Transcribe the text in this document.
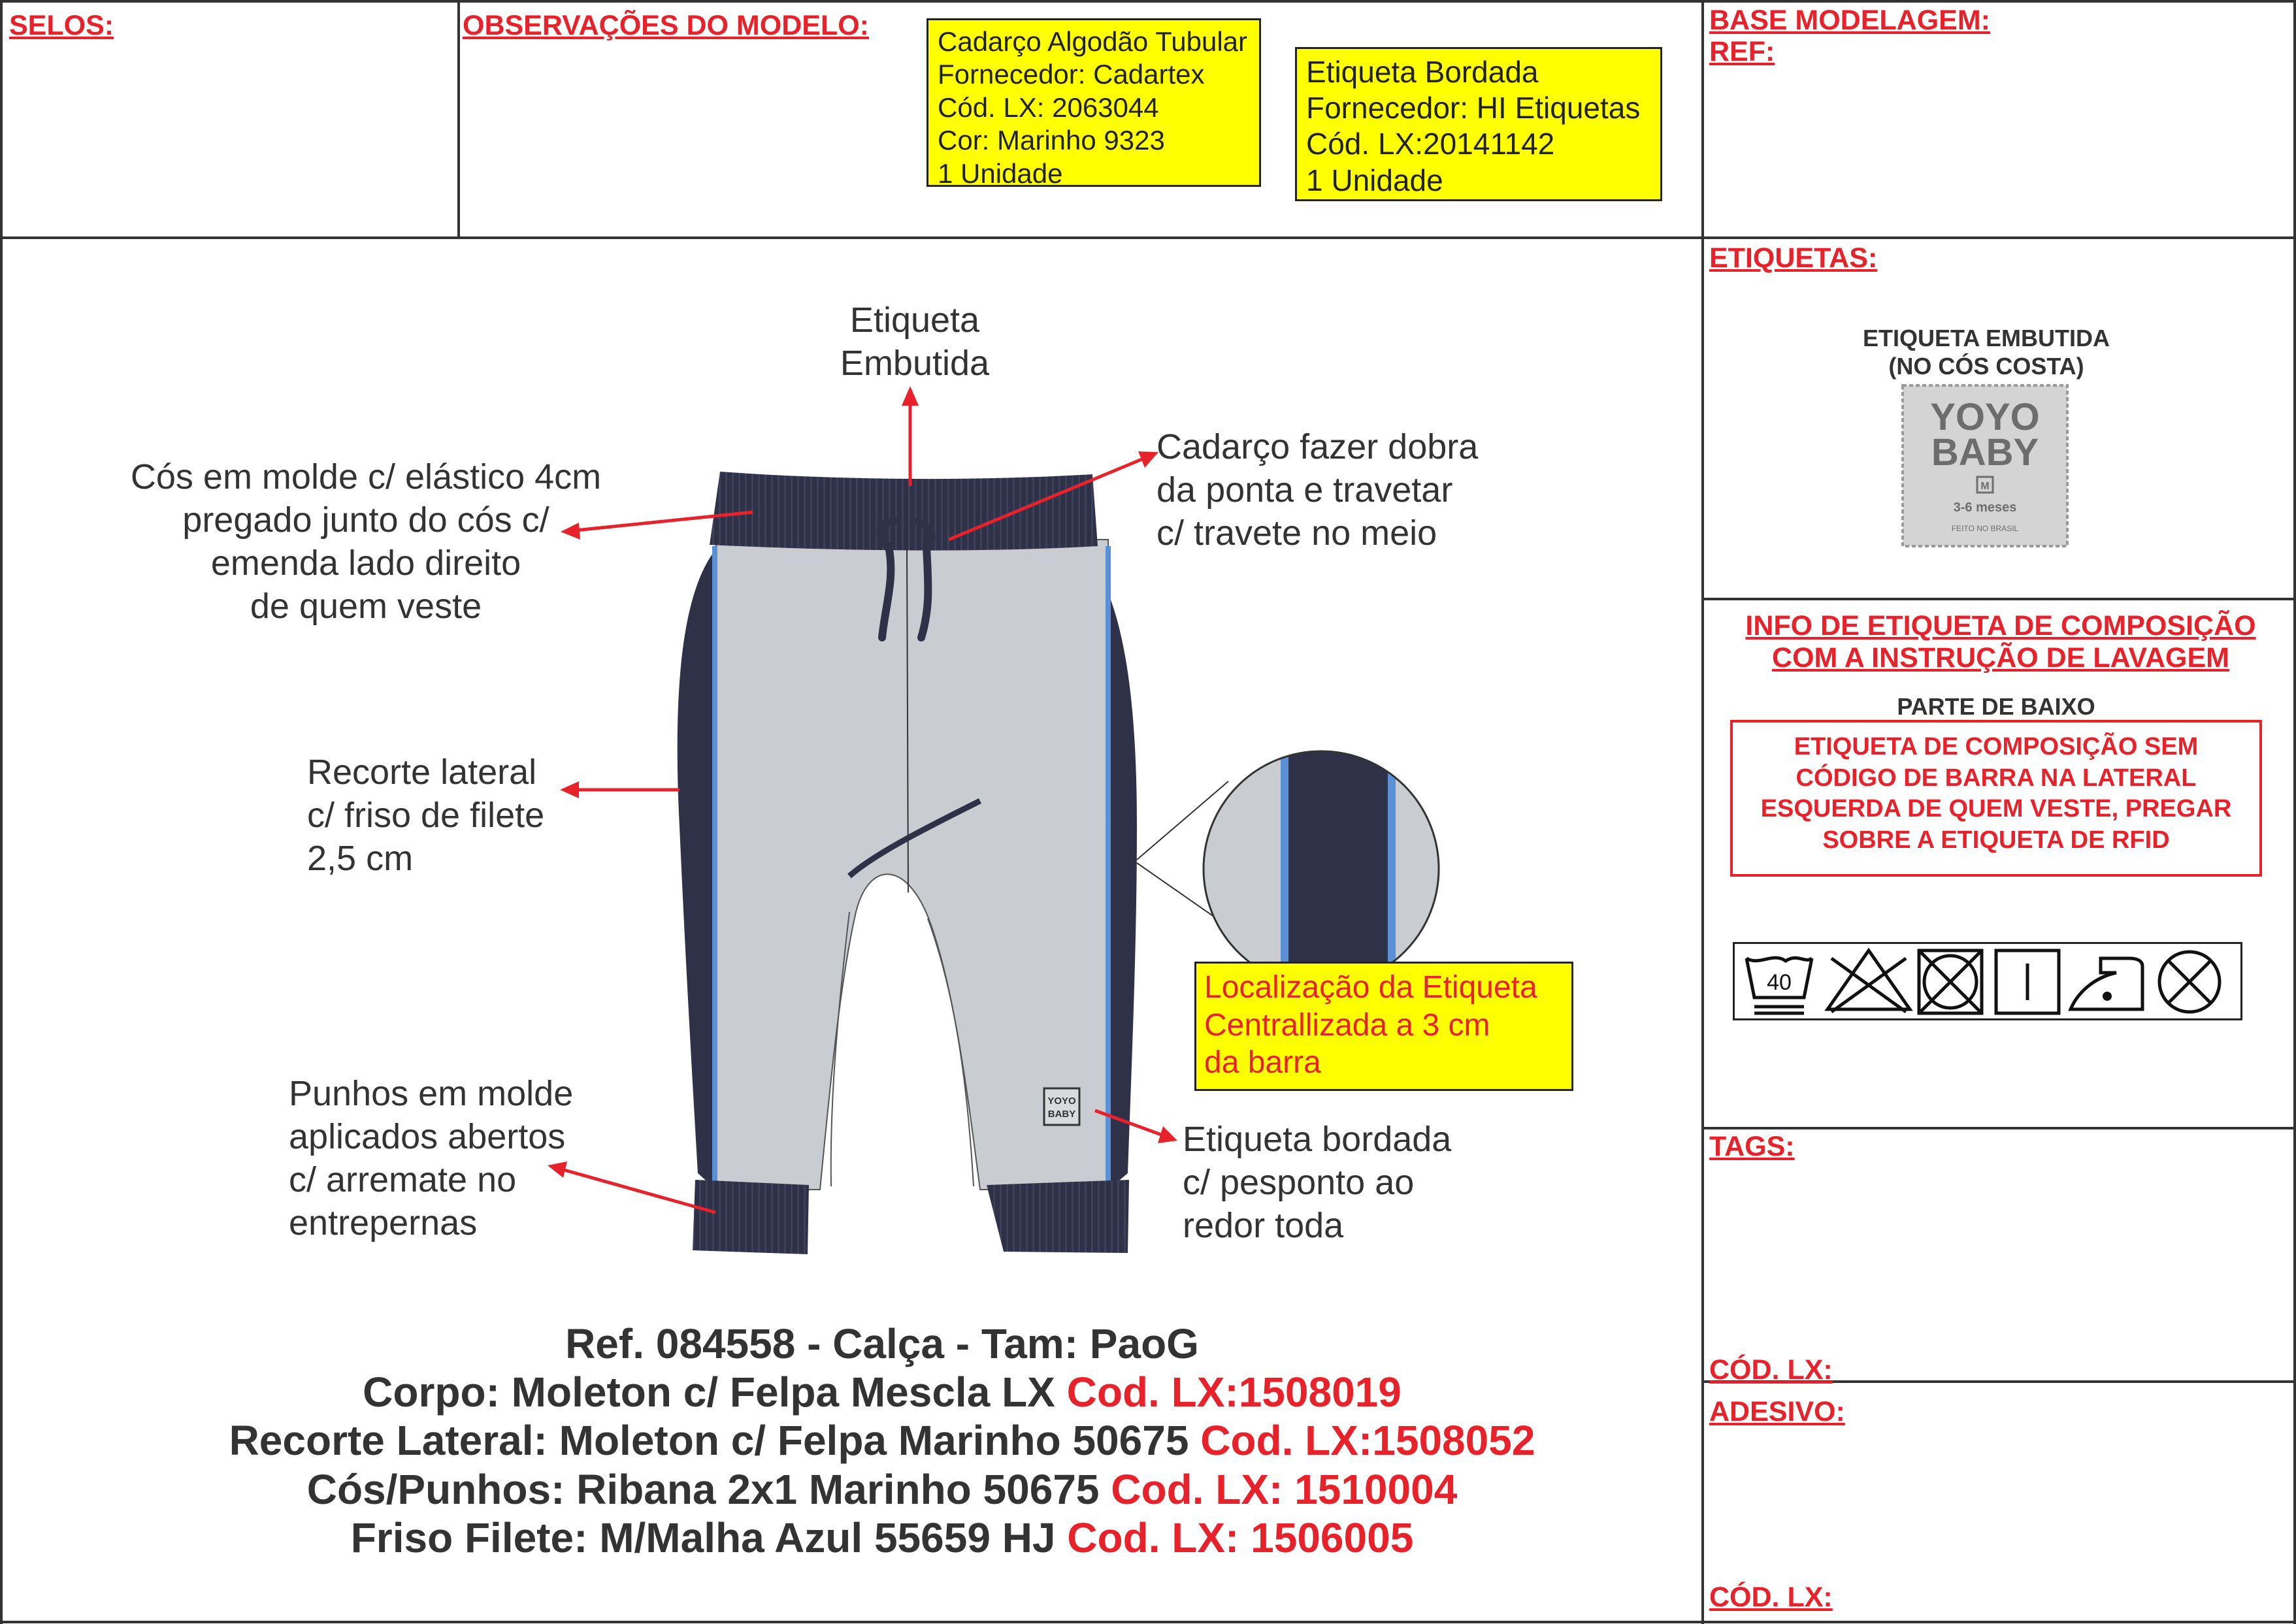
SELOS:	OBSERVAÇÕES DO MODELO:	BASE MODELAGEM:
REF:
Cadarço Algodão Tubular
Fornecedor: Cadartex
Cód. LX: 2063044
Cor: Marinho 9323
1 Unidade
Etiqueta Bordada
Fornecedor: HI Etiquetas
Cód. LX:20141142
1 Unidade
YOYO
BABY
Etiqueta
Embutida
Cós em molde c/ elástico 4cm
pregado junto do cós c/
emenda lado direito
de quem veste
Cadarço fazer dobra
da ponta e travetar
c/ travete no meio
Recorte lateral
c/ friso de filete
2,5 cm
Punhos em molde
aplicados abertos
c/ arremate no
entrepernas
Etiqueta bordada
c/ pesponto ao
redor toda
Localização da Etiqueta
Centrallizada a 3 cm
da barra
Ref. 084558 - Calça - Tam: PaoG
Corpo: Moleton c/ Felpa Mescla LX Cod. LX:1508019
Recorte Lateral: Moleton c/ Felpa Marinho 50675 Cod. LX:1508052
Cós/Punhos: Ribana 2x1 Marinho 50675 Cod. LX: 1510004
Friso Filete: M/Malha Azul 55659 HJ Cod. LX: 1506005
ETIQUETAS:
ETIQUETA EMBUTIDA
(NO CÓS COSTA)
YOYO
BABY
M
3-6 meses
FEITO NO BRASIL
INFO DE ETIQUETA DE COMPOSIÇÃO
COM A INSTRUÇÃO DE LAVAGEM
PARTE DE BAIXO
ETIQUETA DE COMPOSIÇÃO SEM
CÓDIGO DE BARRA NA LATERAL
ESQUERDA DE QUEM VESTE, PREGAR
SOBRE A ETIQUETA DE RFID
40
TAGS:
CÓD. LX:
ADESIVO:
CÓD. LX:
